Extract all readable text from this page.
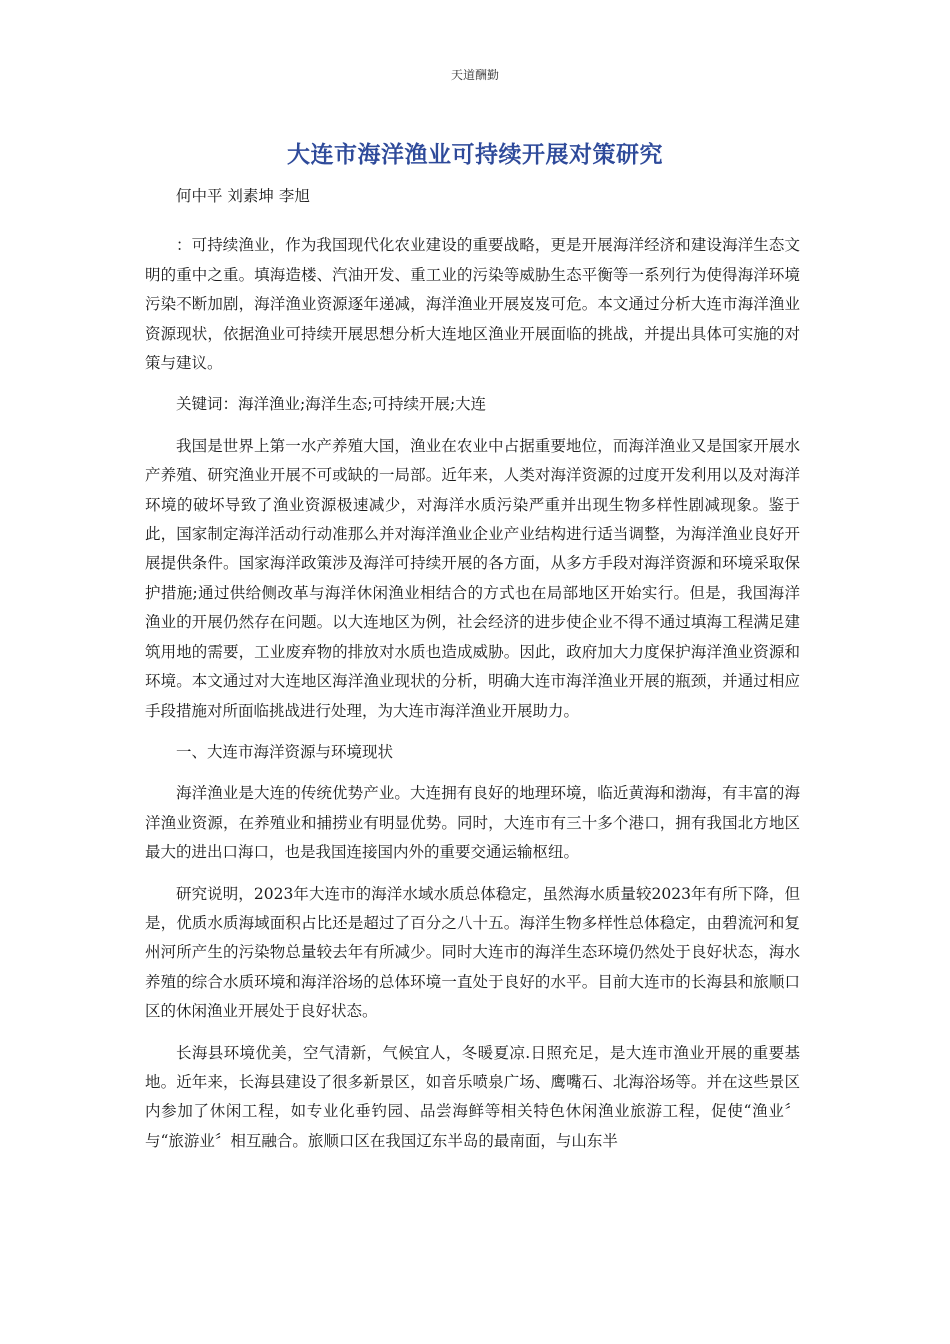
天道酬勤
大连市海洋渔业可持续开展对策研究

何中平 刘素坤 李旭

：可持续渔业，作为我国现代化农业建设的重要战略，更是开展海洋经济和建设海洋生态文明的重中之重。填海造楼、汽油开发、重工业的污染等威胁生态平衡等一系列行为使得海洋环境污染不断加剧，海洋渔业资源逐年递减，海洋渔业开展岌岌可危。本文通过分析大连市海洋渔业资源现状，依据渔业可持续开展思想分析大连地区渔业开展面临的挑战，并提出具体可实施的对策与建议。

关键词：海洋渔业;海洋生态;可持续开展;大连

我国是世界上第一水产养殖大国，渔业在农业中占据重要地位，而海洋渔业又是国家开展水产养殖、研究渔业开展不可或缺的一局部。近年来，人类对海洋资源的过度开发利用以及对海洋环境的破坏导致了渔业资源极速减少，对海洋水质污染严重并出现生物多样性剧减现象。鉴于此，国家制定海洋活动行动准那么并对海洋渔业企业产业结构进行适当调整，为海洋渔业良好开展提供条件。国家海洋政策涉及海洋可持续开展的各方面，从多方手段对海洋资源和环境采取保护措施;通过供给侧改革与海洋休闲渔业相结合的方式也在局部地区开始实行。但是，我国海洋渔业的开展仍然存在问题。以大连地区为例，社会经济的进步使企业不得不通过填海工程满足建筑用地的需要，工业废弃物的排放对水质也造成威胁。因此，政府加大力度保护海洋渔业资源和环境。本文通过对大连地区海洋渔业现状的分析，明确大连市海洋渔业开展的瓶颈，并通过相应手段措施对所面临挑战进行处理，为大连市海洋渔业开展助力。

一、大连市海洋资源与环境现状

海洋渔业是大连的传统优势产业。大连拥有良好的地理环境，临近黄海和渤海，有丰富的海洋渔业资源，在养殖业和捕捞业有明显优势。同时，大连市有三十多个港口，拥有我国北方地区最大的进出口海口，也是我国连接国内外的重要交通运输枢纽。

研究说明，2023年大连市的海洋水域水质总体稳定，虽然海水质量较2023年有所下降，但是，优质水质海域面积占比还是超过了百分之八十五。海洋生物多样性总体稳定，由碧流河和复州河所产生的污染物总量较去年有所减少。同时大连市的海洋生态环境仍然处于良好状态，海水养殖的综合水质环境和海洋浴场的总体环境一直处于良好的水平。目前大连市的长海县和旅顺口区的休闲渔业开展处于良好状态。

长海县环境优美，空气清新，气候宜人，冬暖夏凉.日照充足，是大连市渔业开展的重要基地。近年来，长海县建设了很多新景区，如音乐喷泉广场、鹰嘴石、北海浴场等。并在这些景区内参加了休闲工程，如专业化垂钓园、品尝海鲜等相关特色休闲渔业旅游工程，促使“渔业〞与“旅游业〞相互融合。旅顺口区在我国辽东半岛的最南面，与山东半
